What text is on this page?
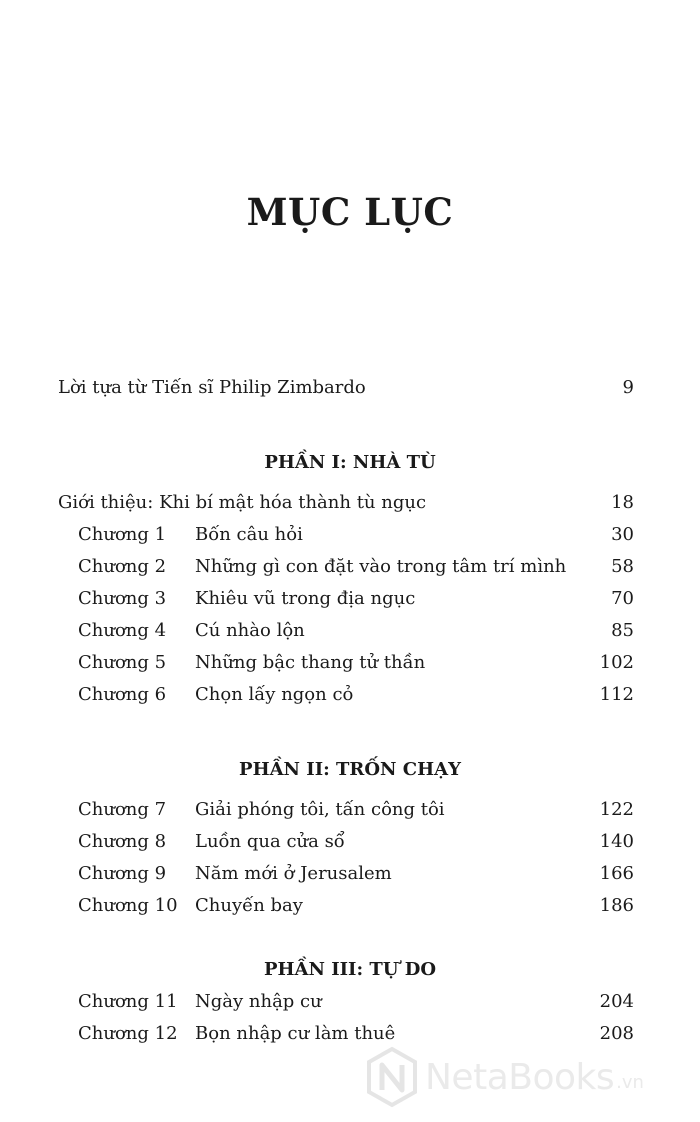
MỤC LỤC
Lời tựa từ Tiến sĩ Philip Zimbardo	9
PHẦN I: NHÀ TÙ
Giới thiệu: Khi bí mật hóa thành tù ngục	18
Chương 1 Bốn câu hỏi	30
Chương 2 Những gì con đặt vào trong tâm trí mình 58
Chương 3 Khiêu vũ trong địa ngục	70
Chương 4 Cú nhào lộn	85
Chương 5 Những bậc thang tử thần	102
Chương 6 Chọn lấy ngọn cỏ	112
PHẦN II: TRỐN CHẠY
Chương 7 Giải phóng tôi, tấn công tôi	122
Chương 8 Luồn qua cửa sổ	140
Chương 9 Năm mới ở Jerusalem	166
Chương 10 Chuyến bay	186
PHẦN III: TỰ DO
Chương 11 Ngày nhập cư	204
Chương 12 Bọn nhập cư làm thuê	208
NetaBooks .vn
